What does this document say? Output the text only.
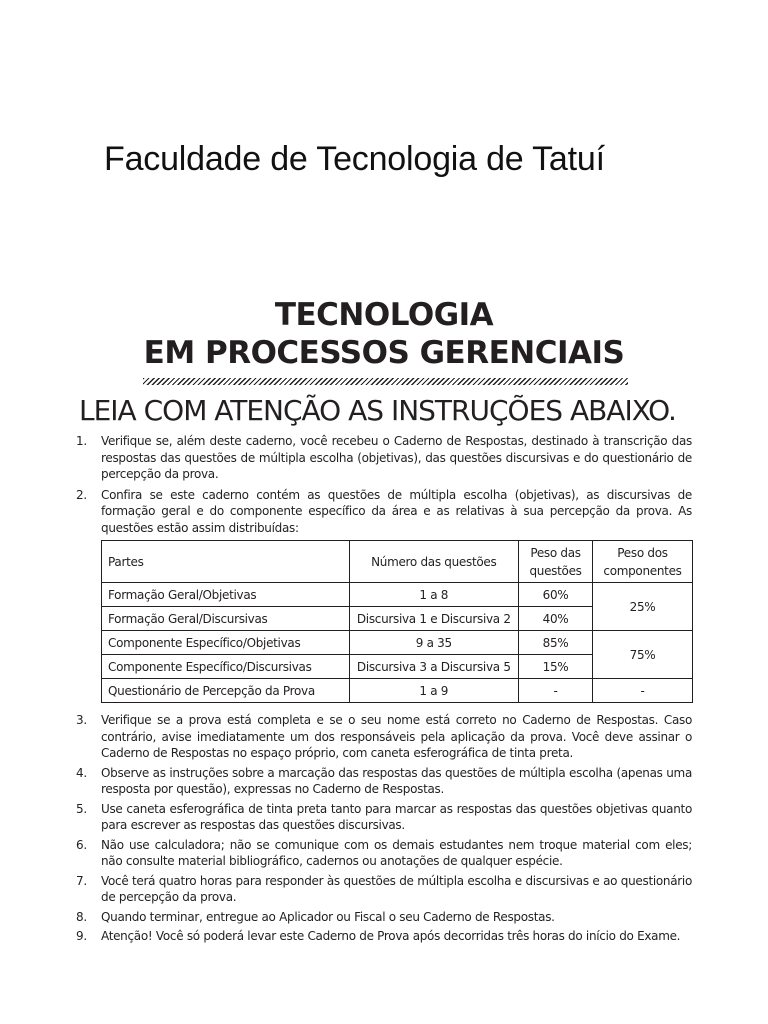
Faculdade de Tecnologia de Tatuí
TECNOLOGIA
EM PROCESSOS GERENCIAIS
LEIA COM ATENÇÃO AS INSTRUÇÕES ABAIXO.
1.	Verifique se, além deste caderno, você recebeu o Caderno de Respostas, destinado à transcrição das respostas das questões de múltipla escolha (objetivas), das questões discursivas e do questionário de percepção da prova.
2.	Confira se este caderno contém as questões de múltipla escolha (objetivas), as discursivas de formação geral e do componente específico da área e as relativas à sua percepção da prova. As questões estão assim distribuídas:
Partes	Número das questões	Peso das questões	Peso dos componentes
Formação Geral/Objetivas	1 a 8	60%	25%
Formação Geral/Discursivas	Discursiva 1 e Discursiva 2	40%	
Componente Específico/Objetivas	9 a 35	85%	75%
Componente Específico/Discursivas	Discursiva 3 a Discursiva 5	15%	
Questionário de Percepção da Prova	1 a 9	-	-
3.	Verifique se a prova está completa e se o seu nome está correto no Caderno de Respostas. Caso contrário, avise imediatamente um dos responsáveis pela aplicação da prova. Você deve assinar o Caderno de Respostas no espaço próprio, com caneta esferográfica de tinta preta.
4.	Observe as instruções sobre a marcação das respostas das questões de múltipla escolha (apenas uma resposta por questão), expressas no Caderno de Respostas.
5.	Use caneta esferográfica de tinta preta tanto para marcar as respostas das questões objetivas quanto para escrever as respostas das questões discursivas.
6.	Não use calculadora; não se comunique com os demais estudantes nem troque material com eles; não consulte material bibliográfico, cadernos ou anotações de qualquer espécie.
7.	Você terá quatro horas para responder às questões de múltipla escolha e discursivas e ao questionário de percepção da prova.
8.	Quando terminar, entregue ao Aplicador ou Fiscal o seu Caderno de Respostas.
9.	Atenção! Você só poderá levar este Caderno de Prova após decorridas três horas do início do Exame.
